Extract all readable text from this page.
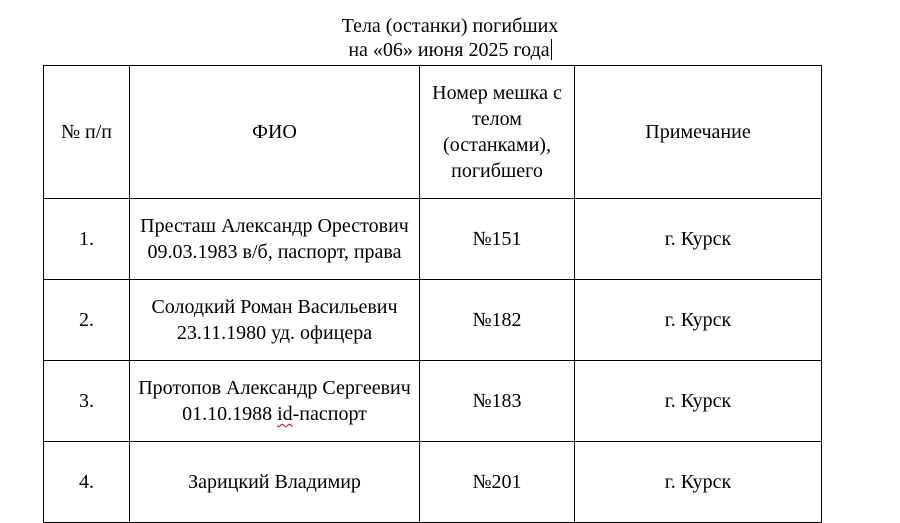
Тела (останки) погибших
на «06» июня 2025 года
№ п/п	ФИО	Номер мешка с телом (останками), погибшего	Примечание
1.	Престаш Александр Орестович 09.03.1983 в/б, паспорт, права	№151	г. Курск
2.	Солодкий Роман Васильевич 23.11.1980 уд. офицера	№182	г. Курск
3.	Протопов Александр Сергеевич 01.10.1988 id-паспорт	№183	г. Курск
4.	Зарицкий Владимир	№201	г. Курск
